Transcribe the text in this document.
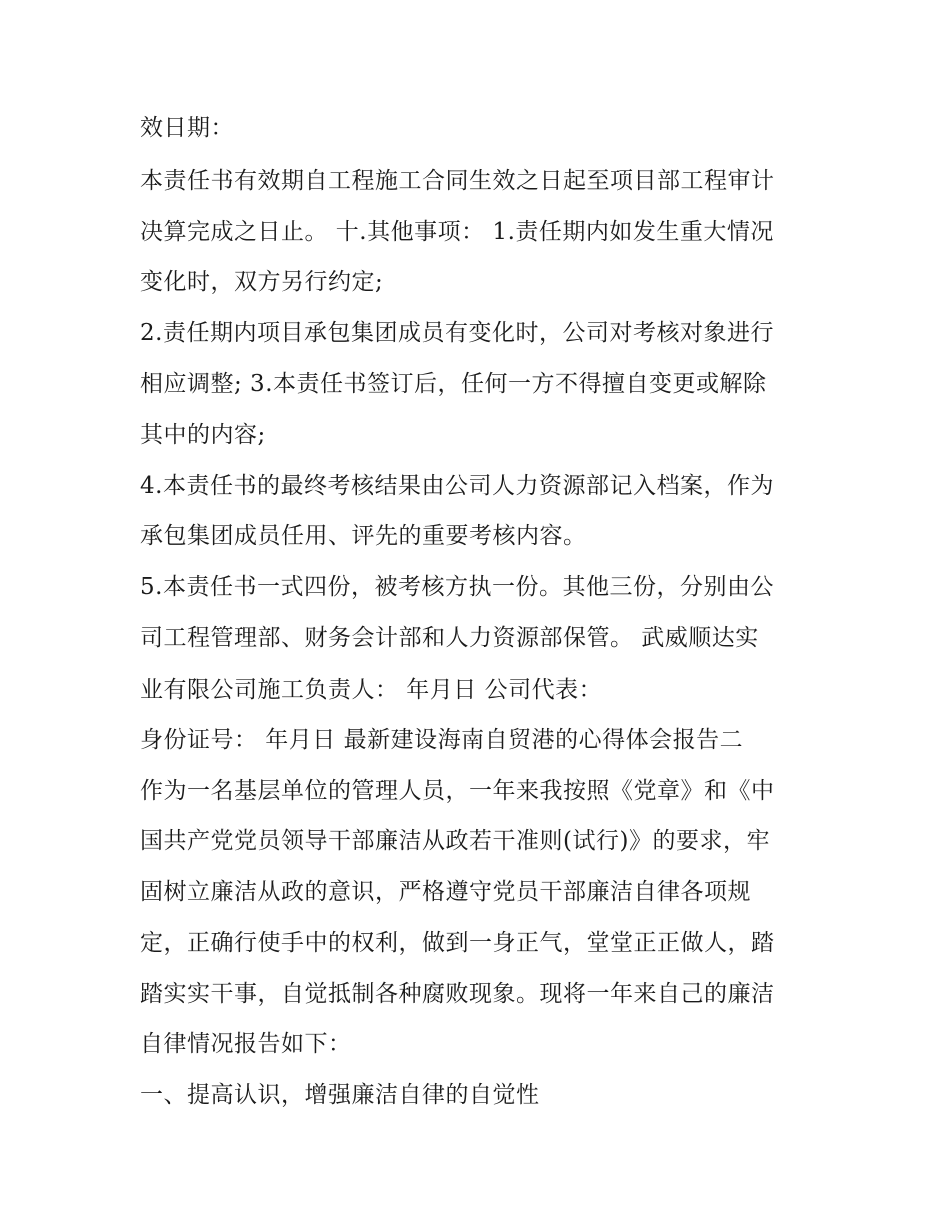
效日期：

本责任书有效期自工程施工合同生效之日起至项目部工程审计

决算完成之日止。 十.其他事项： 1.责任期内如发生重大情况

变化时，双方另行约定;

2.责任期内项目承包集团成员有变化时，公司对考核对象进行

相应调整; 3.本责任书签订后，任何一方不得擅自变更或解除

其中的内容;

4.本责任书的最终考核结果由公司人力资源部记入档案，作为

承包集团成员任用、评先的重要考核内容。

5.本责任书一式四份，被考核方执一份。其他三份，分别由公

司工程管理部、财务会计部和人力资源部保管。 武威顺达实

业有限公司施工负责人： 年月日 公司代表：

身份证号： 年月日 最新建设海南自贸港的心得体会报告二

作为一名基层单位的管理人员，一年来我按照《党章》和《中

国共产党党员领导干部廉洁从政若干准则(试行)》的要求，牢

固树立廉洁从政的意识，严格遵守党员干部廉洁自律各项规

定，正确行使手中的权利，做到一身正气，堂堂正正做人，踏

踏实实干事，自觉抵制各种腐败现象。现将一年来自己的廉洁

自律情况报告如下：

一、提高认识，增强廉洁自律的自觉性
